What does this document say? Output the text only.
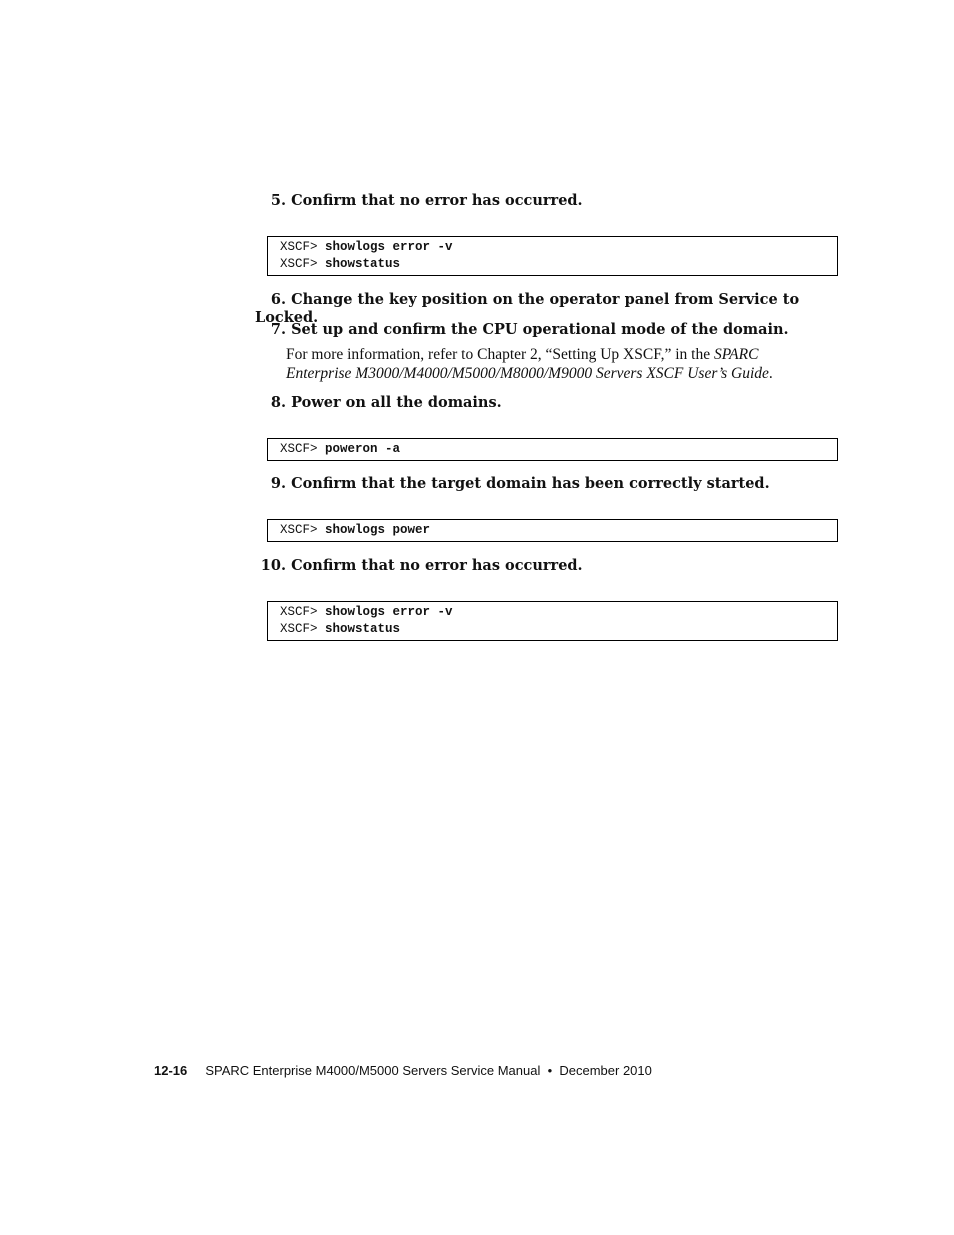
5. Confirm that no error has occurred.
XSCF> showlogs error -v
XSCF> showstatus
6. Change the key position on the operator panel from Service to Locked.
7. Set up and confirm the CPU operational mode of the domain.
For more information, refer to Chapter 2, “Setting Up XSCF,” in the SPARC Enterprise M3000/M4000/M5000/M8000/M9000 Servers XSCF User’s Guide.
8. Power on all the domains.
XSCF> poweron -a
9. Confirm that the target domain has been correctly started.
XSCF> showlogs power
10. Confirm that no error has occurred.
XSCF> showlogs error -v
XSCF> showstatus
12-16 SPARC Enterprise M4000/M5000 Servers Service Manual • December 2010
